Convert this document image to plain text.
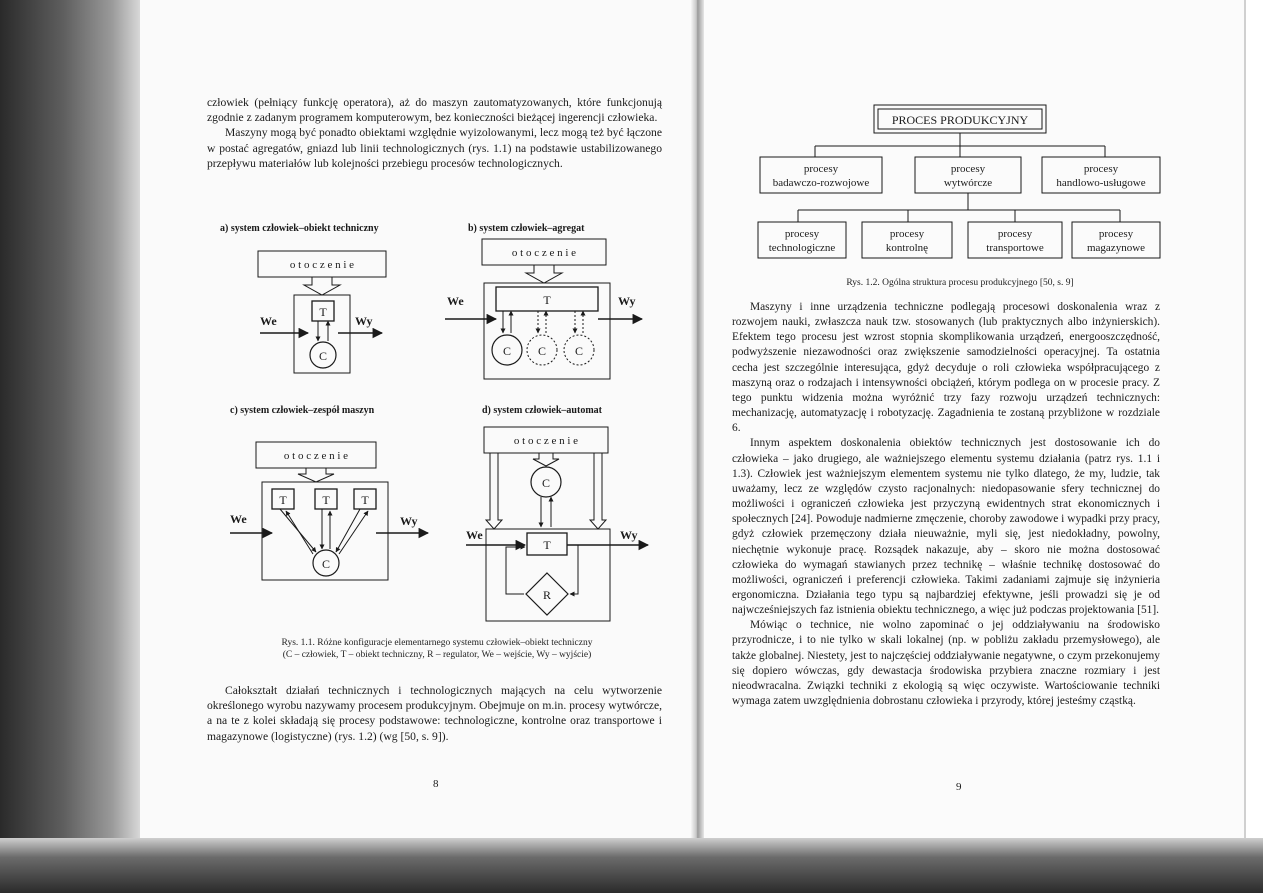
człowiek (pełniący funkcję operatora), aż do maszyn zautomatyzowanych, które funkcjonują zgodnie z zadanym programem komputerowym, bez konieczności bieżącej ingerencji człowieka.

Maszyny mogą być ponadto obiektami względnie wyizolowanymi, lecz mogą też być łączone w postać agregatów, gniazd lub linii technologicznych (rys. 1.1) na podstawie ustabilizowanego przepływu materiałów lub kolejności przebiegu procesów technologicznych.

a) system człowiek–obiekt techniczny
o t o c z e n i e
T
C
We	Wy
b) system człowiek–agregat
o t o c z e n i e
T
C C C
We	Wy
c) system człowiek–zespół maszyn
o t o c z e n i e
T	T	T
C
We	Wy
d) system człowiek–automat
o t o c z e n i e
C
T
R
We	Wy
Rys. 1.1. Różne konfiguracje elementarnego systemu człowiek–obiekt techniczny
(C – człowiek, T – obiekt techniczny, R – regulator, We – wejście, Wy – wyjście)

Całokształt działań technicznych i technologicznych mających na celu wytworzenie określonego wyrobu nazywamy procesem produkcyjnym. Obejmuje on m.in. procesy wytwórcze, a na te z kolei składają się procesy podstawowe: technologiczne, kontrolne oraz transportowe i magazynowe (logistyczne) (rys. 1.2) (wg [50, s. 9]).

8
PROCES PRODUKCYJNY
procesy
badawczo-rozwojowe
procesy
wytwórcze
procesy
handlowo-usługowe
procesy
technologiczne
procesy
kontrolnę
procesy
transportowe
procesy
magazynowe
Rys. 1.2. Ogólna struktura procesu produkcyjnego [50, s. 9]

Maszyny i inne urządzenia techniczne podlegają procesowi doskonalenia wraz z rozwojem nauki, zwłaszcza nauk tzw. stosowanych (lub praktycznych albo inżynierskich). Efektem tego procesu jest wzrost stopnia skomplikowania urządzeń, energooszczędność, podwyższenie niezawodności oraz zwiększenie samodzielności operacyjnej. Ta ostatnia cecha jest szczególnie interesująca, gdyż decyduje o roli człowieka współpracującego z maszyną oraz o rodzajach i intensywności obciążeń, którym podlega on w procesie pracy. Z tego punktu widzenia można wyróżnić trzy fazy rozwoju urządzeń technicznych: mechanizację, automatyzację i robotyzację. Zagadnienia te zostaną przybliżone w rozdziale 6.

Innym aspektem doskonalenia obiektów technicznych jest dostosowanie ich do człowieka – jako drugiego, ale ważniejszego elementu systemu działania (patrz rys. 1.1 i 1.3). Człowiek jest ważniejszym elementem systemu nie tylko dlatego, że my, ludzie, tak uważamy, lecz ze względów czysto racjonalnych: niedopasowanie sfery technicznej do możliwości i ograniczeń człowieka jest przyczyną ewidentnych strat ekonomicznych i społecznych [24]. Powoduje nadmierne zmęczenie, choroby zawodowe i wypadki przy pracy, gdyż człowiek przemęczony działa nieuważnie, myli się, jest niedokładny, powolny, niechętnie wykonuje pracę. Rozsądek nakazuje, aby – skoro nie można dostosować człowieka do wymagań stawianych przez technikę – właśnie technikę dostosować do możliwości, ograniczeń i preferencji człowieka. Takimi zadaniami zajmuje się inżynieria ergonomiczna. Działania tego typu są najbardziej efektywne, jeśli prowadzi się je od najwcześniejszych faz istnienia obiektu technicznego, a więc już podczas projektowania [51].

Mówiąc o technice, nie wolno zapominać o jej oddziaływaniu na środowisko przyrodnicze, i to nie tylko w skali lokalnej (np. w pobliżu zakładu przemysłowego), ale także globalnej. Niestety, jest to najczęściej oddziaływanie negatywne, o czym przekonujemy się dopiero wówczas, gdy dewastacja środowiska przybiera znaczne rozmiary i jest nieodwracalna. Związki techniki z ekologią są więc oczywiste. Wartościowanie techniki wymaga zatem uwzględnienia dobrostanu człowieka i przyrody, której jesteśmy cząstką.

9
